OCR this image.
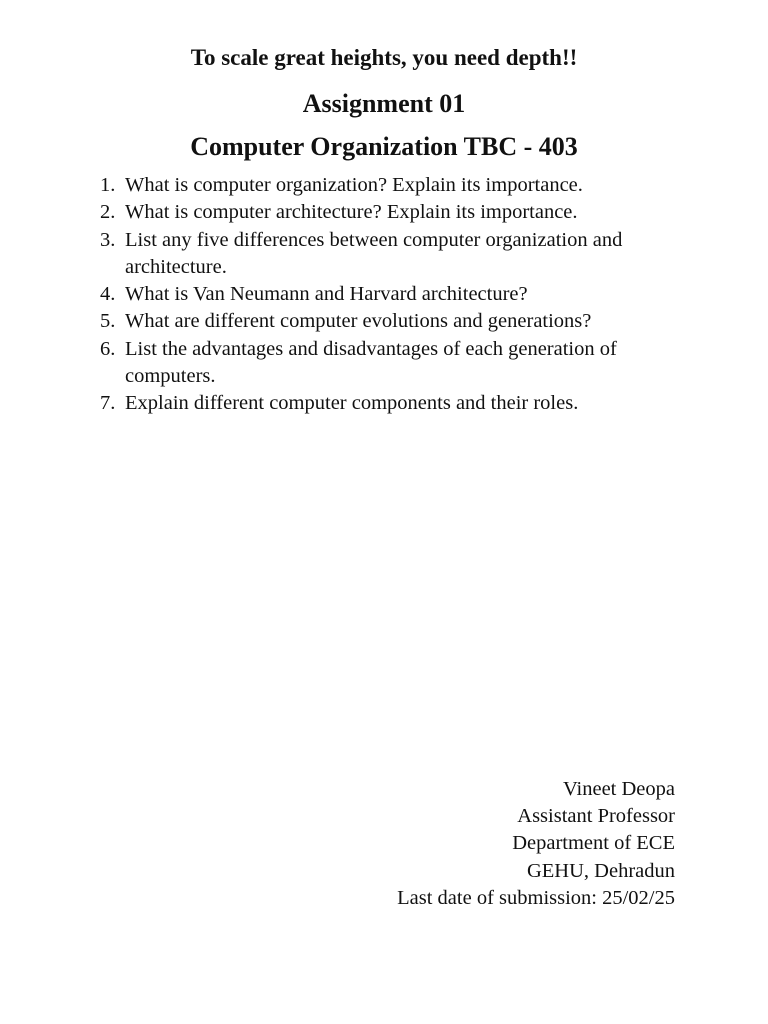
To scale great heights, you need depth!!
Assignment 01
Computer Organization TBC - 403
1. What is computer organization? Explain its importance.
2. What is computer architecture? Explain its importance.
3. List any five differences between computer organization and architecture.
4. What is Van Neumann and Harvard architecture?
5. What are different computer evolutions and generations?
6. List the advantages and disadvantages of each generation of computers.
7. Explain different computer components and their roles.
Vineet Deopa
Assistant Professor
Department of ECE
GEHU, Dehradun
Last date of submission: 25/02/25
